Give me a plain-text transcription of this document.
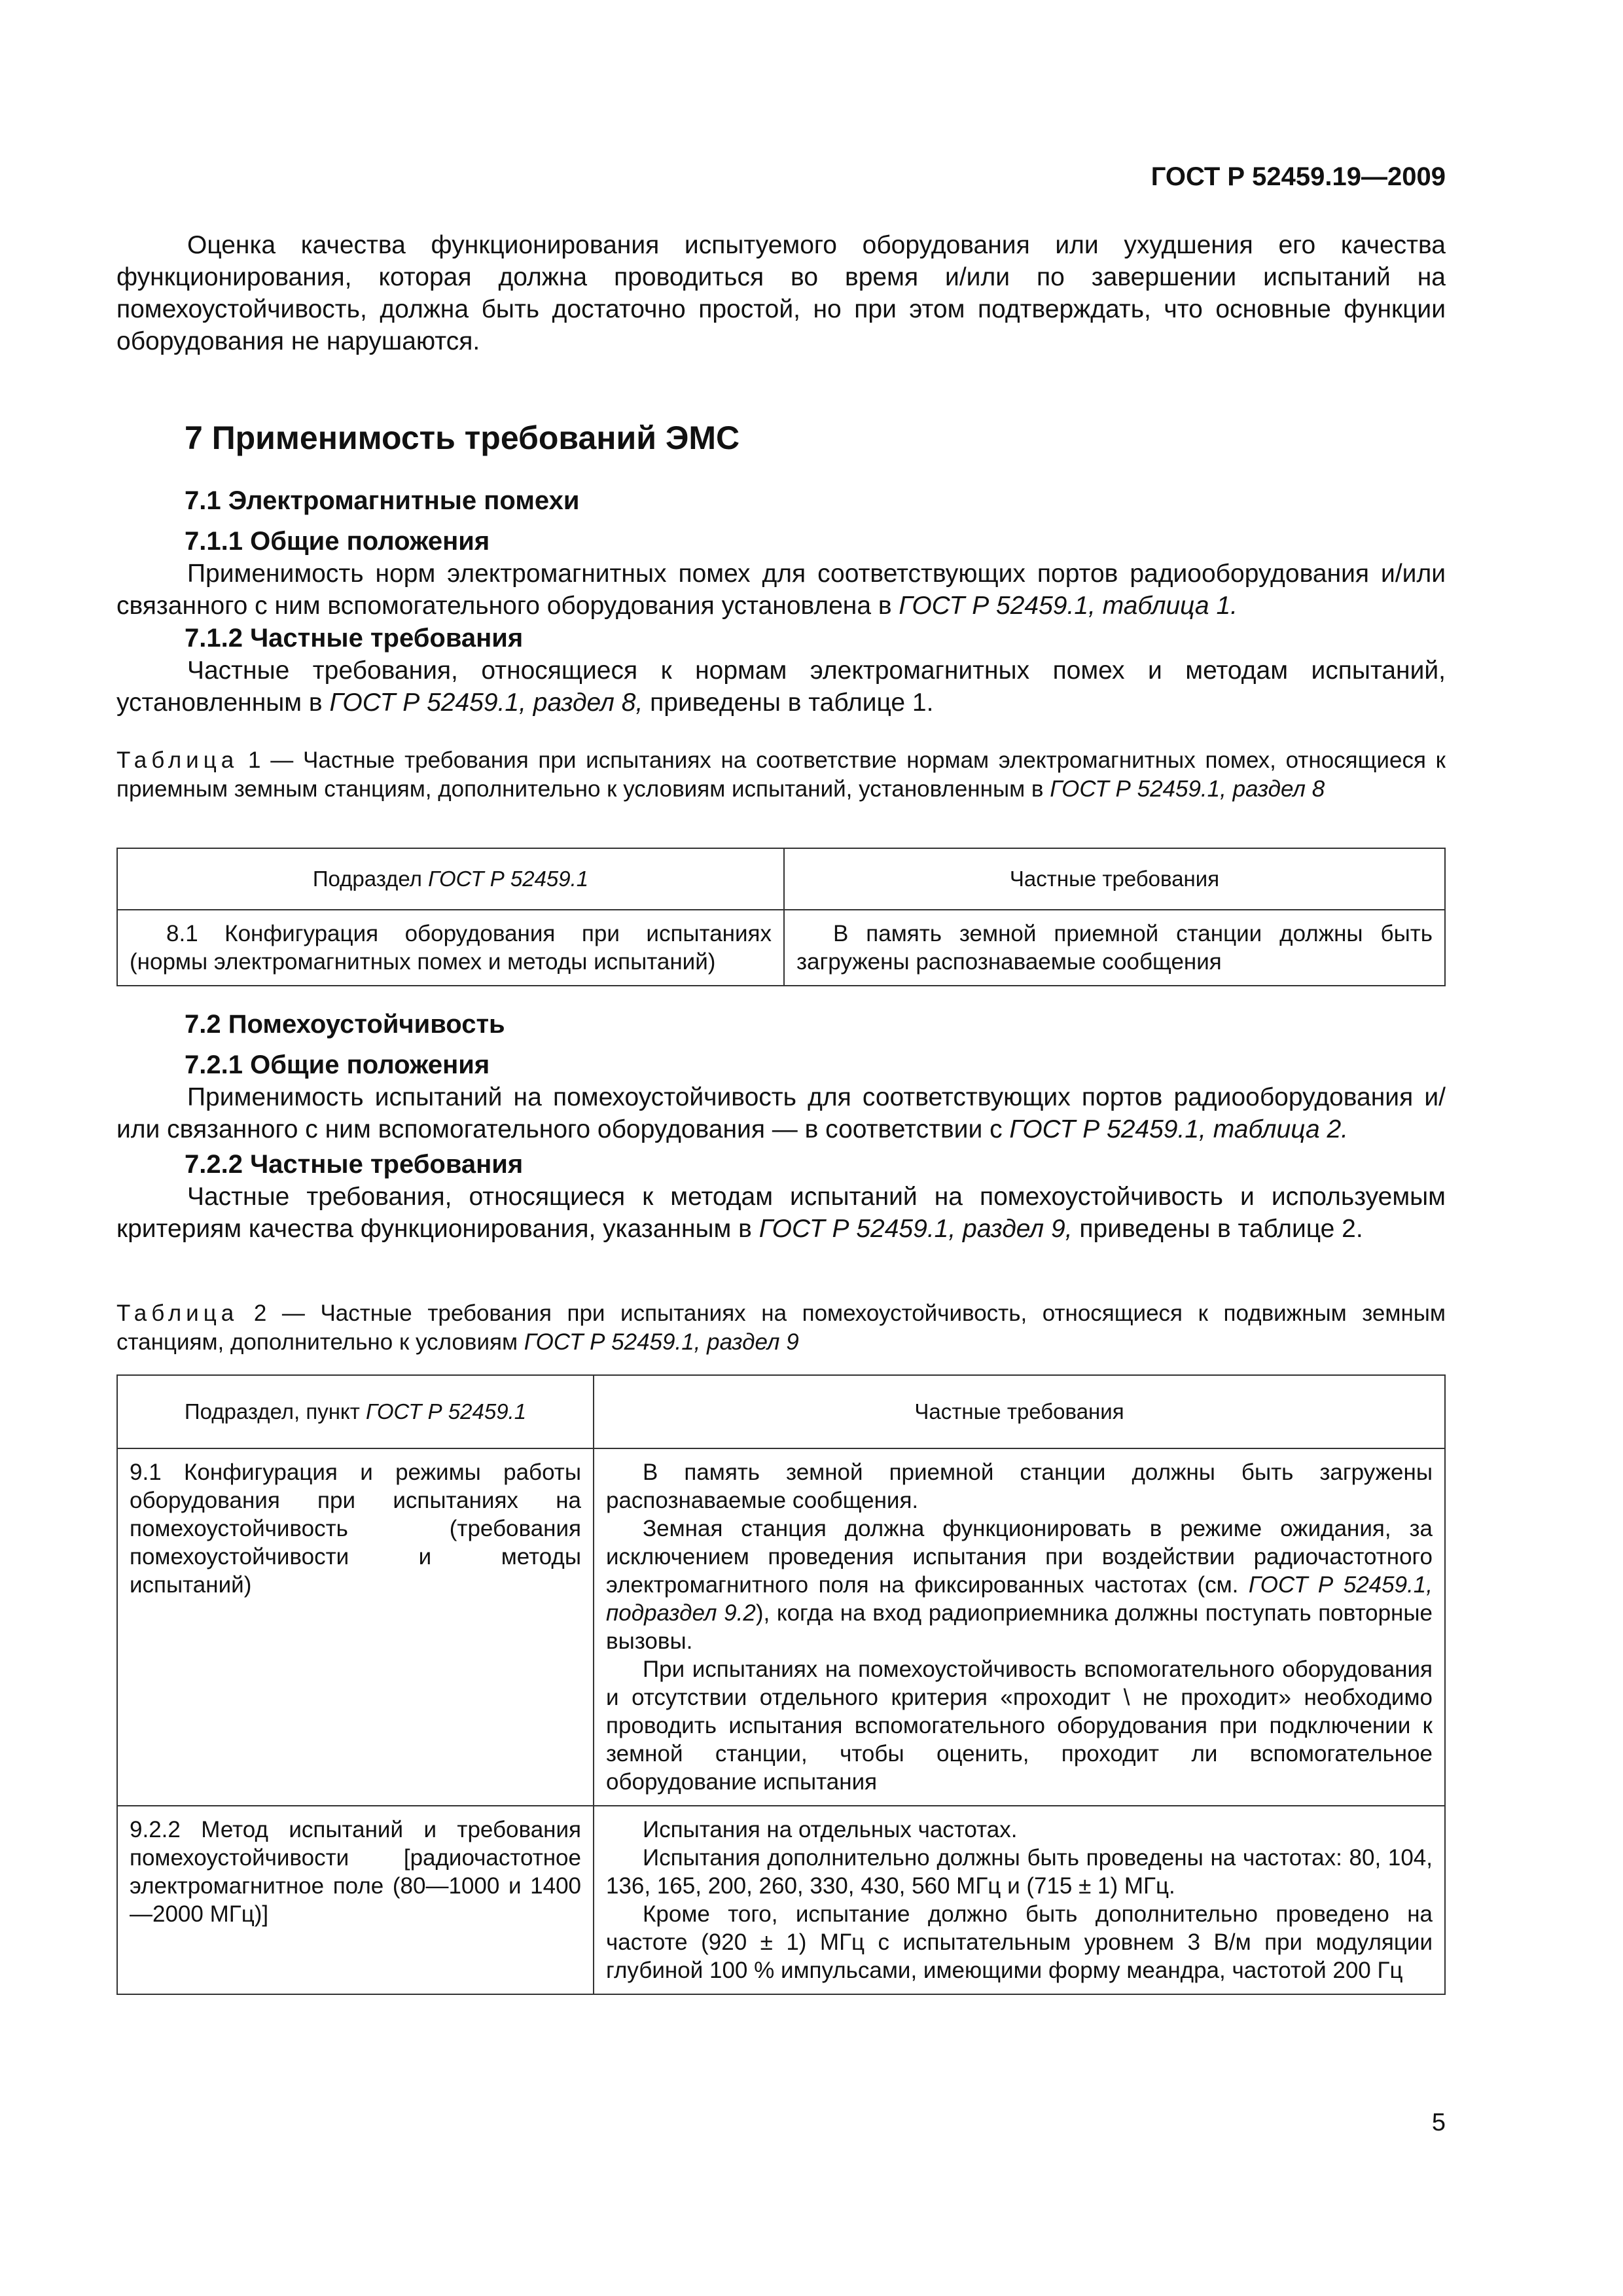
ГОСТ Р 52459.19—2009

Оценка качества функционирования испытуемого оборудования или ухудшения его качества функционирования, которая должна проводиться во время и/или по завершении испытаний на помехоустойчивость, должна быть достаточно простой, но при этом подтверждать, что основные функции оборудования не нарушаются.

7 Применимость требований ЭМС
7.1 Электромагнитные помехи
7.1.1 Общие положения

Применимость норм электромагнитных помех для соответствующих портов радиооборудования и/или связанного с ним вспомогательного оборудования установлена в ГОСТ Р 52459.1, таблица 1.

7.1.2 Частные требования

Частные требования, относящиеся к нормам электромагнитных помех и методам испытаний, установленным в ГОСТ Р 52459.1, раздел 8, приведены в таблице 1.

Таблица 1 — Частные требования при испытаниях на соответствие нормам электромагнитных помех, относящиеся к приемным земным станциям, дополнительно к условиям испытаний, установленным в ГОСТ Р 52459.1, раздел 8

Подраздел ГОСТ Р 52459.1	Частные требования

8.1 Конфигурация оборудования при испытаниях (нормы электромагнитных помех и методы испытаний)	В память земной приемной станции должны быть загружены распознаваемые сообщения

7.2 Помехоустойчивость
7.2.1 Общие положения

Применимость испытаний на помехоустойчивость для соответствующих портов радиооборудования и/или связанного с ним вспомогательного оборудования — в соответствии с ГОСТ Р 52459.1, таблица 2.

7.2.2 Частные требования

Частные требования, относящиеся к методам испытаний на помехоустойчивость и используемым критериям качества функционирования, указанным в ГОСТ Р 52459.1, раздел 9, приведены в таблице 2.

Таблица 2 — Частные требования при испытаниях на помехоустойчивость, относящиеся к подвижным земным станциям, дополнительно к условиям ГОСТ Р 52459.1, раздел 9

Подраздел, пункт ГОСТ Р 52459.1	Частные требования

9.1 Конфигурация и режимы работы оборудования при испытаниях на помехоустойчивость (требования помехоустойчивости и методы испытаний)	В память земной приемной станции должны быть загружены распознаваемые сообщения.

Земная станция должна функционировать в режиме ожидания, за исключением проведения испытания при воздействии радиочастотного электромагнитного поля на фиксированных частотах (см. ГОСТ Р 52459.1, подраздел 9.2), когда на вход радиоприемника должны поступать повторные вызовы.

При испытаниях на помехоустойчивость вспомогательного оборудования и отсутствии отдельного критерия «проходит \ не проходит» необходимо проводить испытания вспомогательного оборудования при подключении к земной станции, чтобы оценить, проходит ли вспомогательное оборудование испытания

9.2.2 Метод испытаний и требования помехоустойчивости [радиочастотное электромагнитное поле (80—1000 и 1400—2000 МГц)]	Испытания на отдельных частотах.

Испытания дополнительно должны быть проведены на частотах: 80, 104, 136, 165, 200, 260, 330, 430, 560 МГц и (715 ± 1) МГц.

Кроме того, испытание должно быть дополнительно проведено на частоте (920 ± 1) МГц с испытательным уровнем 3 В/м при модуляции глубиной 100 % импульсами, имеющими форму меандра, частотой 200 Гц

5
